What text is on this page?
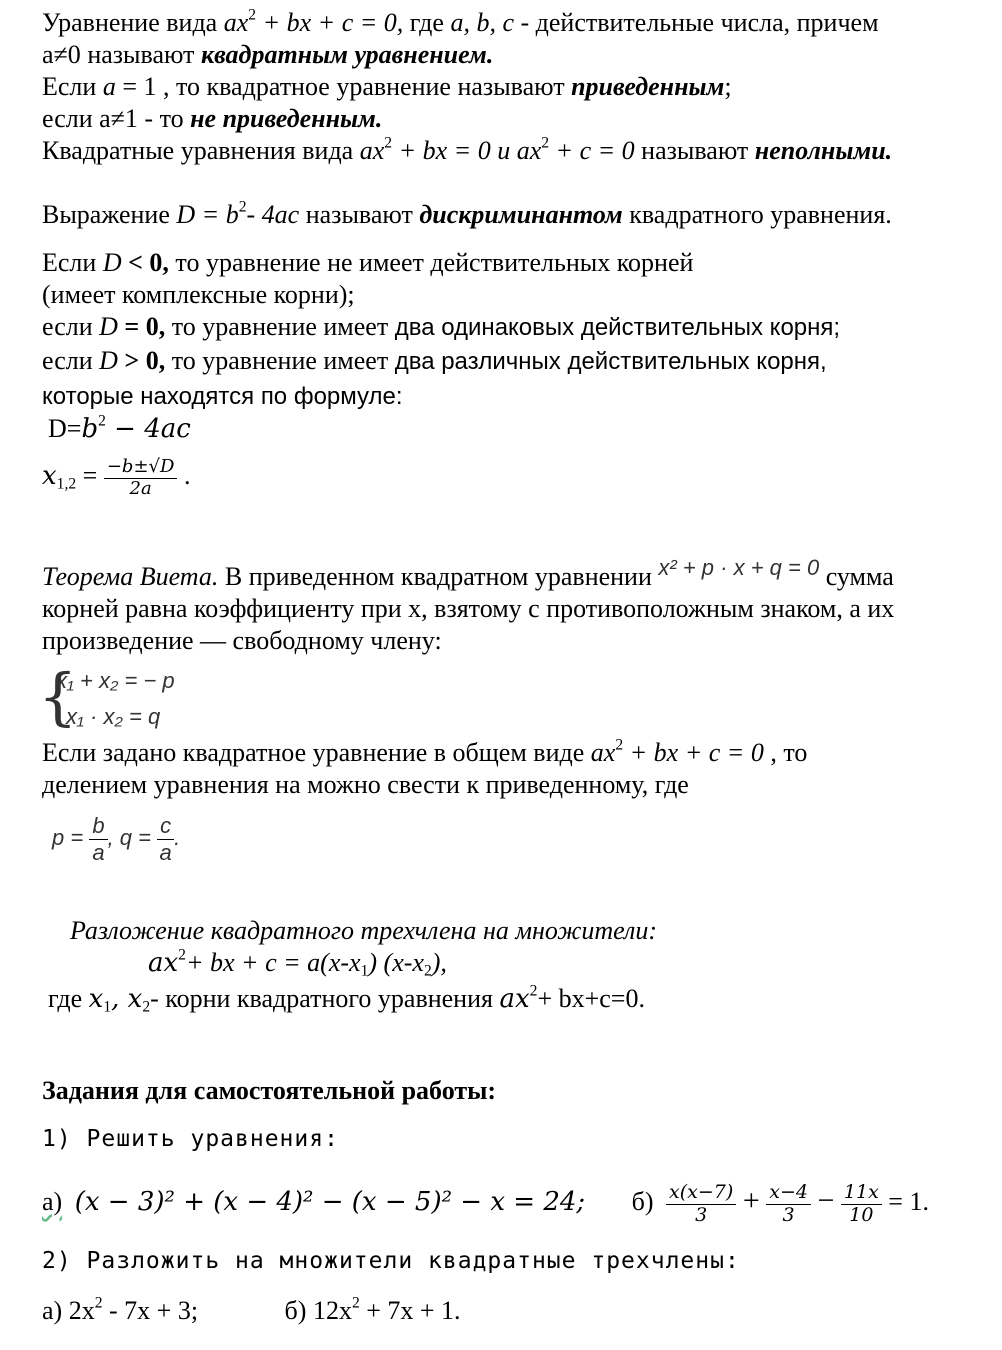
Уравнение вида $ax^2$ + bx + c = 0, где a, b, c - действительные числа, причем
a≠0 называют квадратным уравнением.
Если а = 1 , то квадратное уравнение называют приведенным;
если a≠1 - то не приведенным.
Квадратные уравнения вида $ax^2$ + bx = 0 и $ax^2 + c = 0$ называют неполными.
Выражение $D = b^2-$ 4ac называют дискриминантом квадратного уравнения.
Если D < 0, то уравнение не имеет действительных корней
(имеет комплексные корни);
если D = 0, то уравнение имеет два одинаковых действительных корня;
если D > 0, то уравнение имеет два различных действительных корня,
которые находятся по формуле:
$D=b^2 - 4ac$
$x_{1,2} = \frac{-b\pm√D}{2a}$ .
Теорема Виета. В приведенном квадратном уравнении $^{x^2 + p \cdot x + q = 0}$ сумма
корней равна коэффициенту при x, взятому с противоположным знаком, а их
произведение — свободному члену:
{
x₁ + x₂ = − p
x₁ · x₂ = q
Если задано квадратное уравнение в общем виде $ax^2$ + bx + c = 0 , то
делением уравнения на можно свести к приведенному, где
$p = \frac{b}{a}$ , $q = \frac{c}{a}$ .
Разложение квадратного трехчлена на множители:
$ax^2+$ bx + $c = a(x-x_1)$ $(x-x_2)$,
где $x_1$, $x_2-$ корни квадратного уравнения $ax^2+ bx+c=0$.
Задания для самостоятельной работы:
1) Решить уравнения:
а) (x − 3)² + (x − 4)² − (x − 5)² − x = 24; $б) \frac{x(x-7)}{3} + \frac{x-4}{3} - \frac{11x}{10} = 1$.
2) Разложить на множители квадратные трехчлены:
а) $2x^2 - 7x + 3$;	б) $12x^2 + 7x + 1$.
